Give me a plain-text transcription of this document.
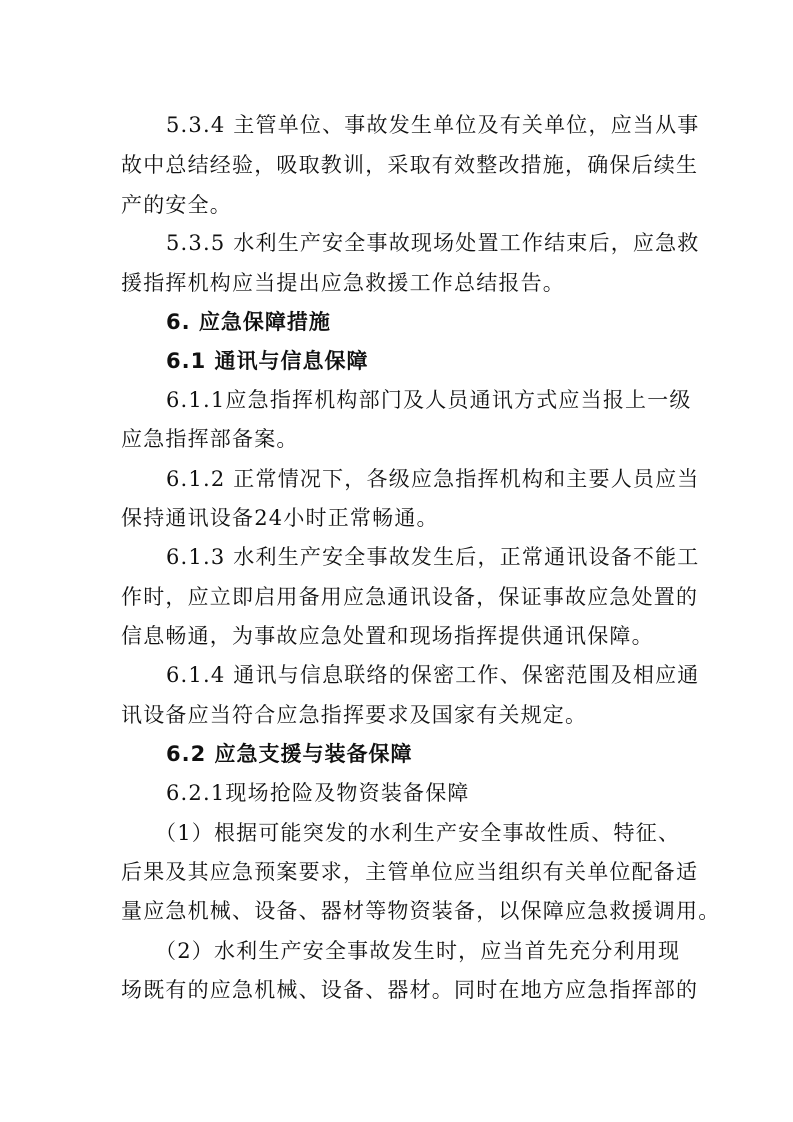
5.3.4 主管单位、事故发生单位及有关单位，应当从事
故中总结经验，吸取教训，采取有效整改措施，确保后续生
产的安全。
5.3.5 水利生产安全事故现场处置工作结束后，应急救
援指挥机构应当提出应急救援工作总结报告。
6. 应急保障措施
6.1 通讯与信息保障
6.1.1应急指挥机构部门及人员通讯方式应当报上一级
应急指挥部备案。
6.1.2 正常情况下，各级应急指挥机构和主要人员应当
保持通讯设备24小时正常畅通。
6.1.3 水利生产安全事故发生后，正常通讯设备不能工
作时，应立即启用备用应急通讯设备，保证事故应急处置的
信息畅通，为事故应急处置和现场指挥提供通讯保障。
6.1.4 通讯与信息联络的保密工作、保密范围及相应通
讯设备应当符合应急指挥要求及国家有关规定。
6.2 应急支援与装备保障
6.2.1现场抢险及物资装备保障
（1）根据可能突发的水利生产安全事故性质、特征、
后果及其应急预案要求，主管单位应当组织有关单位配备适
量应急机械、设备、器材等物资装备，以保障应急救援调用。
（2）水利生产安全事故发生时，应当首先充分利用现
场既有的应急机械、设备、器材。同时在地方应急指挥部的
